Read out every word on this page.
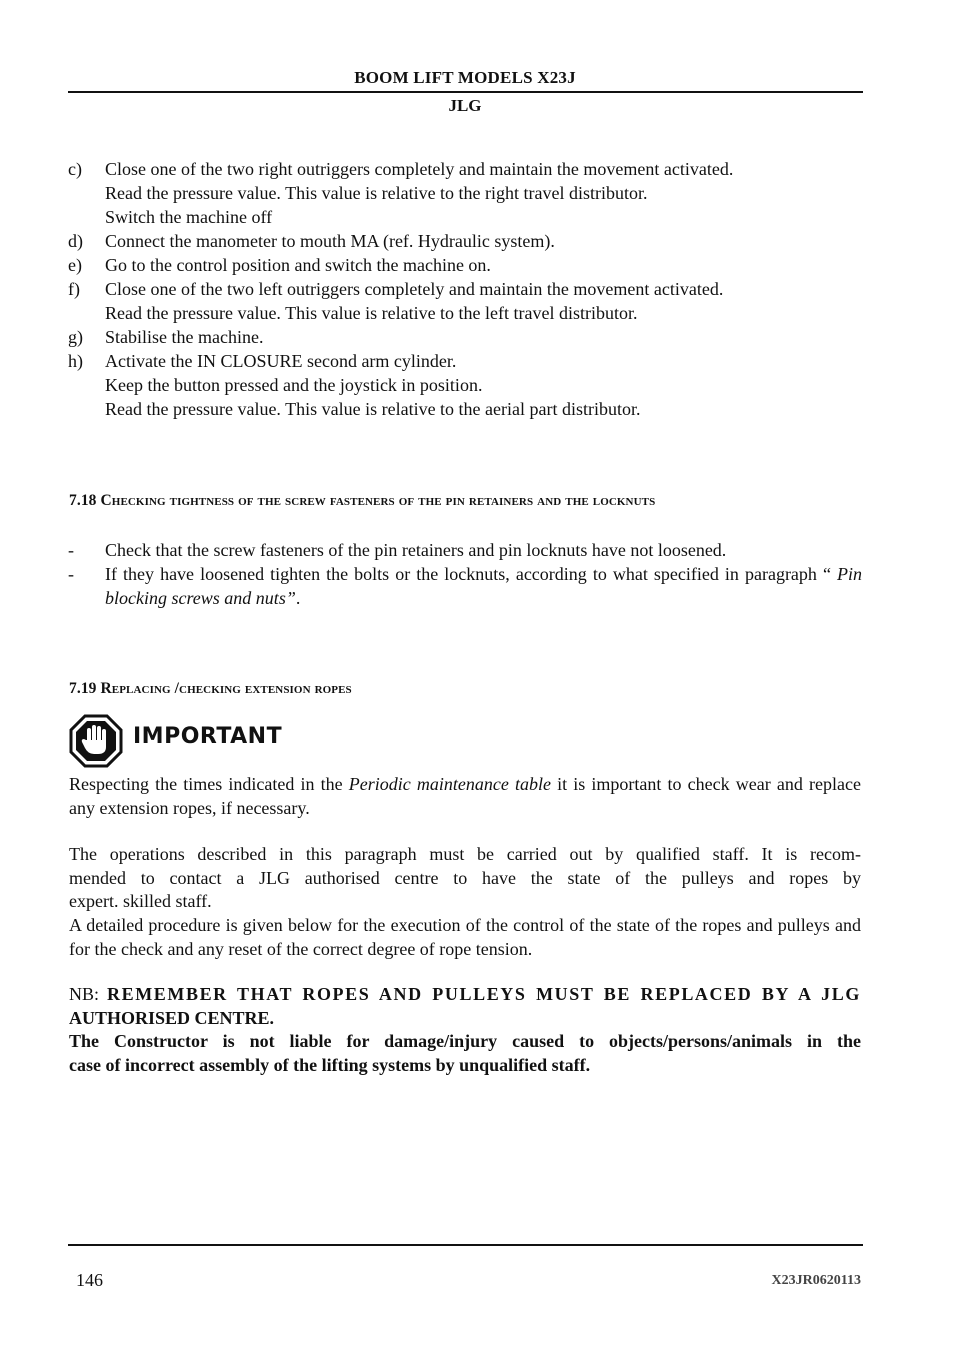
BOOM LIFT MODELS X23J
JLG
c)	Close one of the two right outriggers completely and maintain the movement activated.
Read the pressure value. This value is relative to the right travel distributor.
Switch the machine off
d)	Connect the manometer to mouth MA (ref. Hydraulic system).
e)	Go to the control position and switch the machine on.
f)	Close one of the two left outriggers completely and maintain the movement activated.
Read the pressure value. This value is relative to the left travel distributor.
g)	Stabilise the machine.
h)	Activate the IN CLOSURE second arm cylinder.
Keep the button pressed and the joystick in position.
Read the pressure value. This value is relative to the aerial part distributor.
7.18 Checking tightness of the screw fasteners of the pin retainers and the locknuts
-	Check that the screw fasteners of the pin retainers and pin locknuts have not loosened.
-	If they have loosened tighten the bolts or the locknuts, according to what specified in paragraph “ Pin blocking screws and nuts”.
7.19 Replacing /checking extension ropes
IMPORTANT
Respecting the times indicated in the Periodic maintenance table it is important to check wear and replace any extension ropes, if necessary.
The operations described in this paragraph must be carried out by qualified staff. It is recom-
mended to contact a JLG authorised centre to have the state of the pulleys and ropes by
expert. skilled staff.
A detailed procedure is given below for the execution of the control of the state of the ropes and pulleys and for the check and any reset of the correct degree of rope tension.
NB: REMEMBER THAT ROPES AND PULLEYS MUST BE REPLACED BY A JLG
AUTHORISED CENTRE.
The Constructor is not liable for damage/injury caused to objects/persons/animals in the
case of incorrect assembly of the lifting systems by unqualified staff.
146	X23JR0620113
